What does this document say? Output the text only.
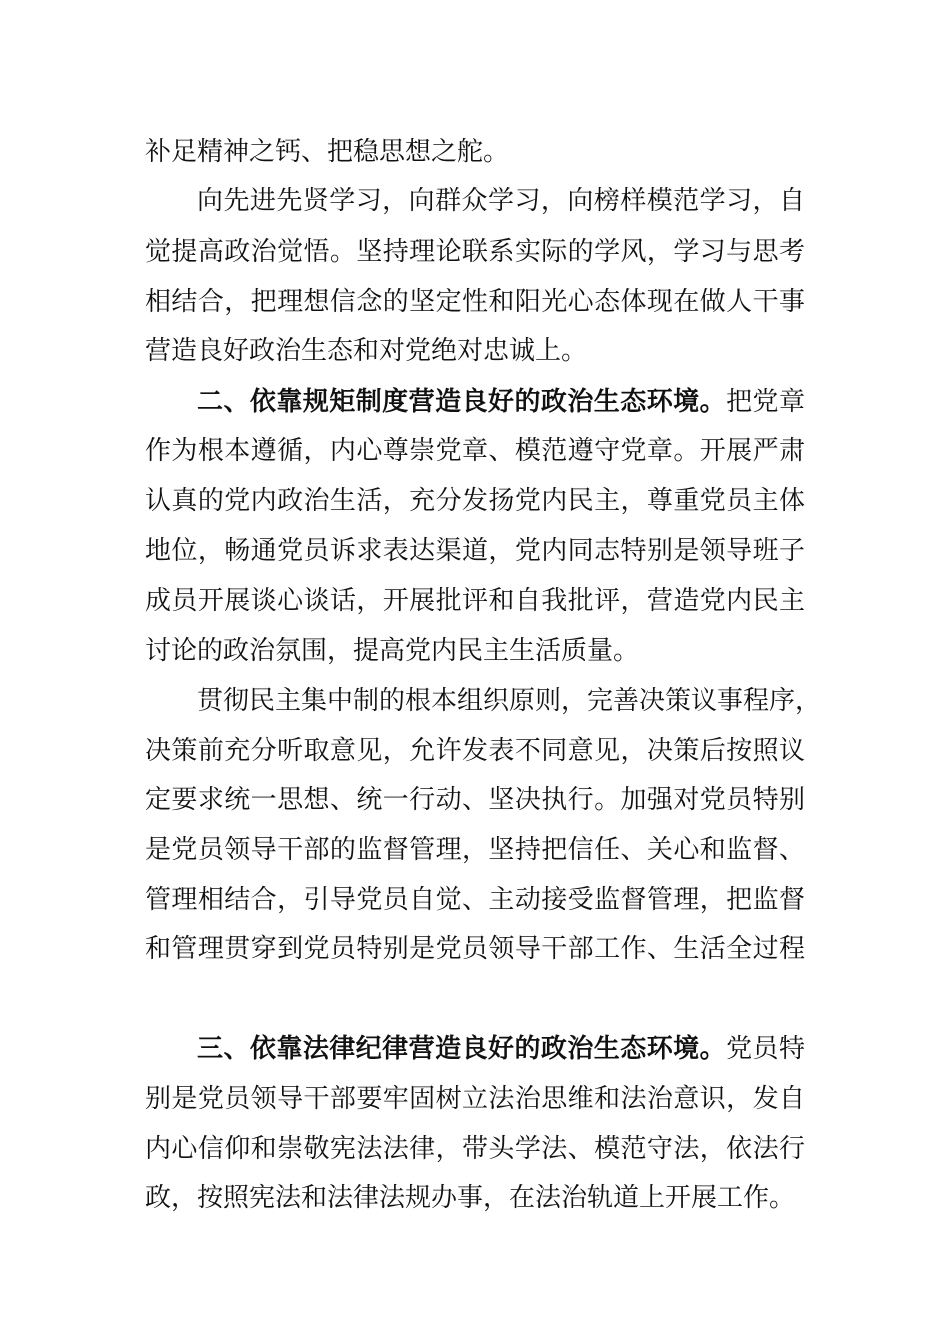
补足精神之钙、把稳思想之舵。
向先进先贤学习，向群众学习，向榜样模范学习，自
觉提高政治觉悟。坚持理论联系实际的学风，学习与思考
相结合，把理想信念的坚定性和阳光心态体现在做人干事
营造良好政治生态和对党绝对忠诚上。
二、依靠规矩制度营造良好的政治生态环境。把党章
作为根本遵循，内心尊崇党章、模范遵守党章。开展严肃
认真的党内政治生活，充分发扬党内民主，尊重党员主体
地位，畅通党员诉求表达渠道，党内同志特别是领导班子
成员开展谈心谈话，开展批评和自我批评，营造党内民主
讨论的政治氛围，提高党内民主生活质量。
贯彻民主集中制的根本组织原则，完善决策议事程序，
决策前充分听取意见，允许发表不同意见，决策后按照议
定要求统一思想、统一行动、坚决执行。加强对党员特别
是党员领导干部的监督管理，坚持把信任、关心和监督、
管理相结合，引导党员自觉、主动接受监督管理，把监督
和管理贯穿到党员特别是党员领导干部工作、生活全过程
三、依靠法律纪律营造良好的政治生态环境。党员特
别是党员领导干部要牢固树立法治思维和法治意识，发自
内心信仰和崇敬宪法法律，带头学法、模范守法，依法行
政，按照宪法和法律法规办事，在法治轨道上开展工作。
